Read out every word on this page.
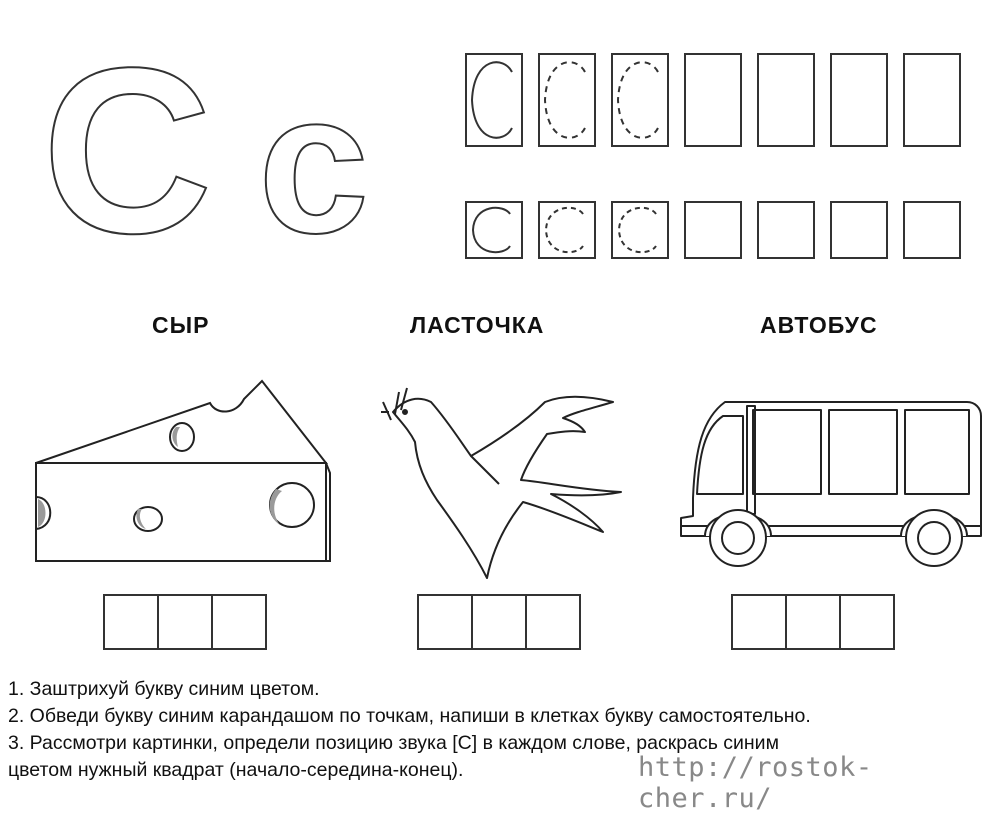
С с
СЫР	ЛАСТОЧКА	АВТОБУС

1. Заштрихуй букву синим цветом.

2. Обведи букву синим карандашом по точкам, напиши в клетках букву самостоятельно.

3. Рассмотри картинки, определи позицию звука [С] в каждом слове, раскрась синим

цветом нужный квадрат (начало-середина-конец).	http://rostok-cher.ru/
